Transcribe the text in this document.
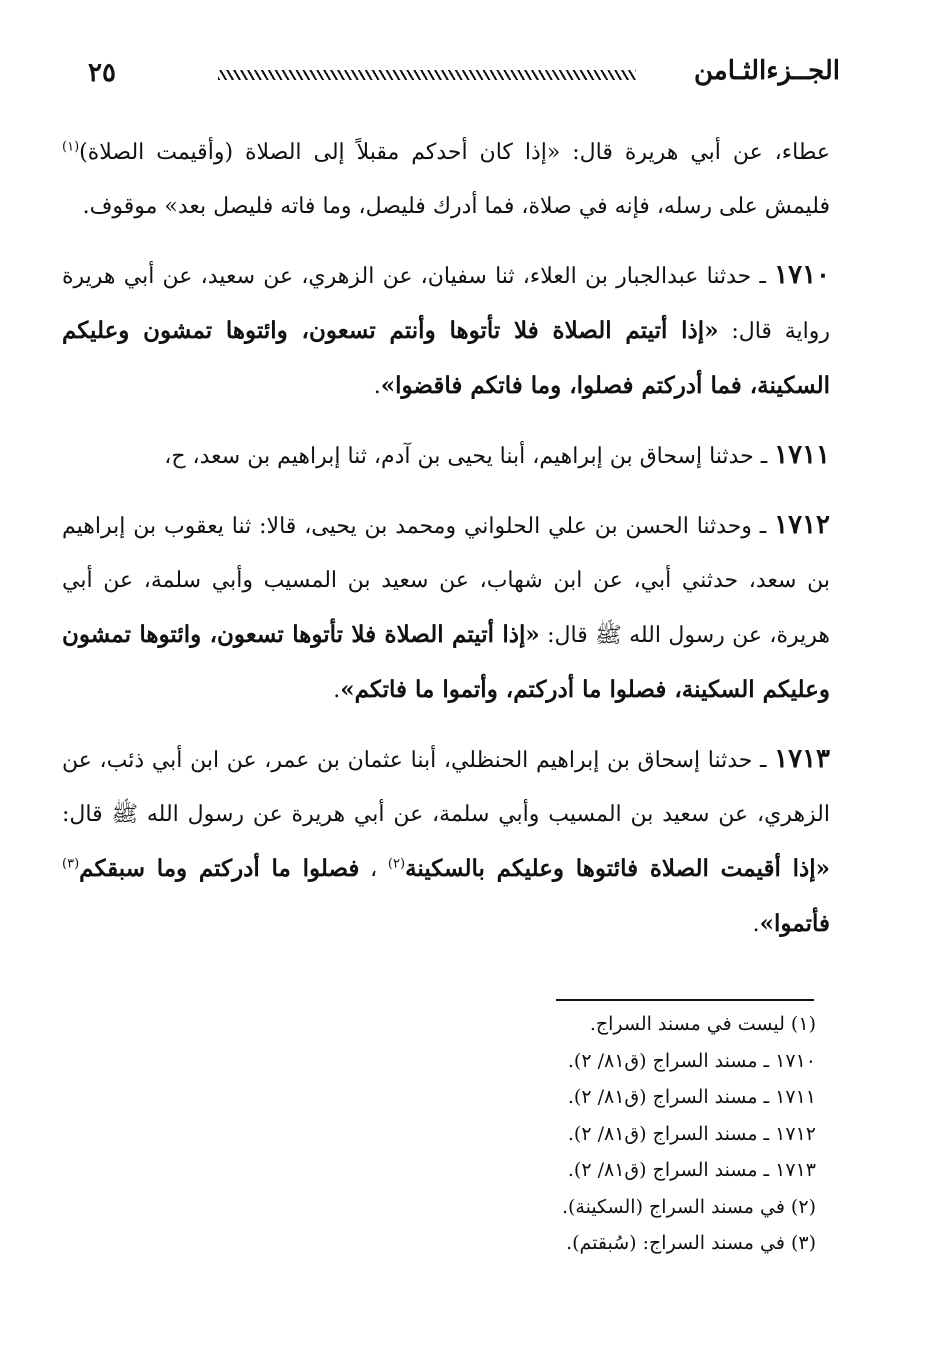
٢٥	الجــزءالثـامن

عطاء، عن أبي هريرة قال: «إذا كان أحدكم مقبلاً إلى الصلاة (وأقيمت الصلاة)$^{(١)}$ فليمش على رسله، فإنه في صلاة، فما أدرك فليصل، وما فاته فليصل بعد» موقوف.

١٧١٠ ـ حدثنا عبدالجبار بن العلاء، ثنا سفيان، عن الزهري، عن سعيد، عن أبي هريرة رواية قال: «إذا أتيتم الصلاة فلا تأتوها وأنتم تسعون، وائتوها تمشون وعليكم السكينة، فما أدركتم فصلوا، وما فاتكم فاقضوا».

١٧١١ ـ حدثنا إسحاق بن إبراهيم، أبنا يحيى بن آدم، ثنا إبراهيم بن سعد، ح،

١٧١٢ ـ وحدثنا الحسن بن علي الحلواني ومحمد بن يحيى، قالا: ثنا يعقوب بن إبراهيم بن سعد، حدثني أبي، عن ابن شهاب، عن سعيد بن المسيب وأبي سلمة، عن أبي هريرة، عن رسول الله ﷺ قال: «إذا أتيتم الصلاة فلا تأتوها تسعون، وائتوها تمشون وعليكم السكينة، فصلوا ما أدركتم، وأتموا ما فاتكم».

١٧١٣ ـ حدثنا إسحاق بن إبراهيم الحنظلي، أبنا عثمان بن عمر، عن ابن أبي ذئب، عن الزهري، عن سعيد بن المسيب وأبي سلمة، عن أبي هريرة عن رسول الله ﷺ قال: «إذا أقيمت الصلاة فائتوها وعليكم بالسكينة$^{(٢)}$ ، فصلوا ما أدركتم وما سبقكم$^{(٣)}$ فأتموا».

(١) ليست في مسند السراج.
١٧١٠ ـ مسند السراج (ق٨١/ ٢).
١٧١١ ـ مسند السراج (ق٨١/ ٢).
١٧١٢ ـ مسند السراج (ق٨١/ ٢).
١٧١٣ ـ مسند السراج (ق٨١/ ٢).
(٢) في مسند السراج (السكينة).
(٣) في مسند السراج: (سُبقتم).
